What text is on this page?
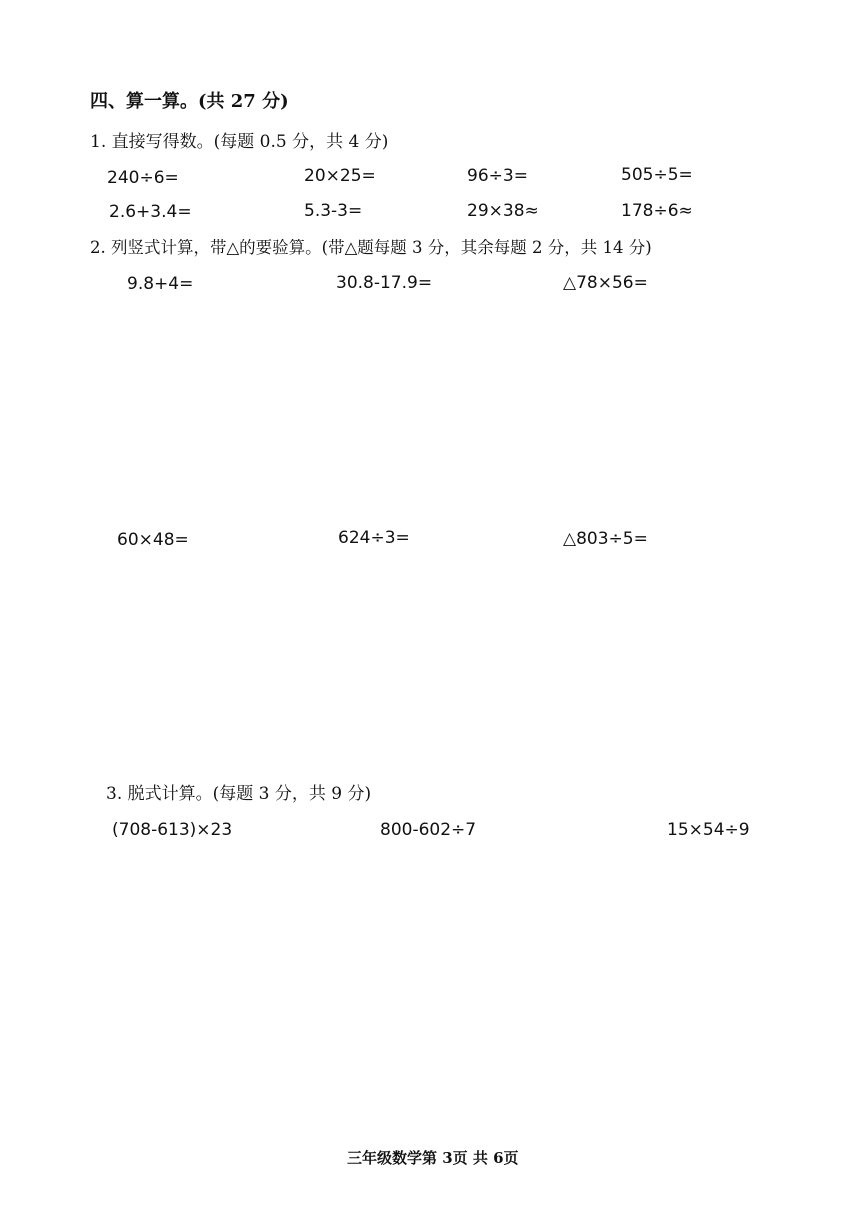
四、算一算。(共 27 分)
1. 直接写得数。(每题 0.5 分，共 4 分)
240÷6=	20×25=	96÷3=	505÷5=
2.6+3.4=	5.3-3=	29×38≈	178÷6≈
2. 列竖式计算，带△的要验算。(带△题每题 3 分，其余每题 2 分，共 14 分)
9.8+4=	30.8-17.9=	△78×56=
60×48=	624÷3=	△803÷5=
3. 脱式计算。(每题 3 分，共 9 分)
(708-613)×23	800-602÷7	15×54÷9
三年级数学第 3页 共 6页
